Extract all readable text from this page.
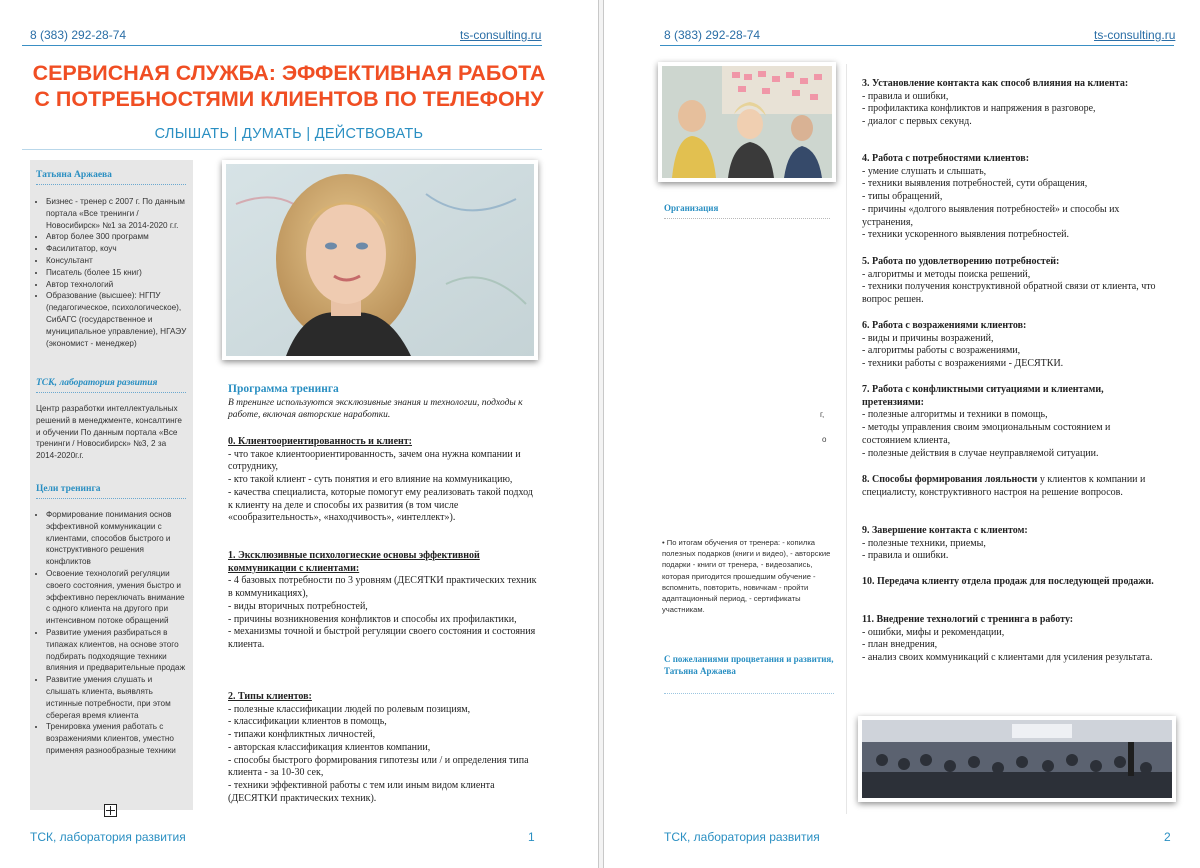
8 (383) 292-28-74	ts-consulting.ru
СЕРВИСНАЯ СЛУЖБА: ЭФФЕКТИВНАЯ РАБОТА С ПОТРЕБНОСТЯМИ КЛИЕНТОВ ПО ТЕЛЕФОНУ
СЛЫШАТЬ | ДУМАТЬ | ДЕЙСТВОВАТЬ
Татьяна Аржаева
• Бизнес - тренер с 2007 г. По данным портала «Все тренинги / Новосибирск» №1 за 2014-2020 г.г.
• Автор более 300 программ
• Фасилитатор, коуч
• Консультант
• Писатель (более 15 книг)
• Автор технологий
• Образование (высшее): НГПУ (педагогическое, психологическое), СибАГС (государственное и муниципальное управление), НГАЭУ (экономист - менеджер)
ТСК, лаборатория развития
Центр разработки интеллектуальных решений в менеджменте, консалтинге и обучении По данным портала «Все тренинги / Новосибирск» №3, 2 за 2014-2020г.г.
Цели тренинга
• Формирование понимания основ эффективной коммуникации с клиентами, способов быстрого и конструктивного решения конфликтов
• Освоение технологий регуляции своего состояния, умения быстро и эффективно переключать внимание с одного клиента на другого при интенсивном потоке обращений
• Развитие умения разбираться в типажах клиентов, на основе этого подбирать подходящие техники влияния и предварительные продаж
• Развитие умения слушать и слышать клиента, выявлять истинные потребности, при этом сберегая время клиента
• Тренировка умения работать с возражениями клиентов, уместно применяя разнообразные техники
Программа тренинга
В тренинге используются эксклюзивные знания и технологии, подходы к работе, включая авторские наработки.
0. Клиентоориентированность и клиент:
- что такое клиентоориентированность, зачем она нужна компании и сотруднику,
- кто такой клиент - суть понятия и его влияние на коммуникацию,
- качества специалиста, которые помогут ему реализовать такой подход к клиенту на деле и способы их развития (в том числе «сообразительность», «находчивость», «интеллект»).
1. Эксклюзивные психологиеские основы эффективной коммуникации с клиентами:
- 4 базовых потребности по 3 уровням (ДЕСЯТКИ практических техник в коммуникациях),
- виды вторичных потребностей,
- причины возникновения конфликтов и способы их профилактики,
- механизмы точной и быстрой регуляции своего состояния и состояния клиента.
2. Типы клиентов:
- полезные классификации людей по ролевым позициям,
- классификации клиентов в помощь,
- типажи конфликтных личностей,
- авторская классификация клиентов компании,
- способы быстрого формирования гипотезы или / и определения типа клиента - за 10-30 сек,
- техники эффективной работы с тем или иным видом клиента (ДЕСЯТКИ практических техник).
ТСК, лаборатория развития	1
8 (383) 292-28-74	ts-consulting.ru
Организация
г,
о
• По итогам обучения от тренера: - копилка полезных подарков (книги и видео), - авторские подарки - книги от тренера, - видеозапись, которая пригодится прошедшим обучение - вспомнить, повторить, новичкам - пройти адаптационный период, - сертификаты участникам.
С пожеланиями процветания и развития, Татьяна Аржаева
3. Установление контакта как способ влияния на клиента:
- правила и ошибки,
- профилактика конфликтов и напряжения в разговоре,
- диалог с первых секунд.
4. Работа с потребностями клиентов:
- умение слушать и слышать,
- техники выявления потребностей, сути обращения,
- типы обращений,
- причины «долгого выявления потребностей» и способы их устранения,
- техники ускоренного выявления потребностей.
5. Работа по удовлетворению потребностей:
- алгоритмы и методы поиска решений,
- техники получения конструктивной обратной связи от клиента, что вопрос решен.
6. Работа с возражениями клиентов:
- виды и причины возражений,
- алгоритмы работы с возражениями,
- техники работы с возражениями - ДЕСЯТКИ.
7. Работа с конфликтными ситуациями и клиентами, претензиями:
- полезные алгоритмы и техники в помощь,
- методы управления своим эмоциональным состоянием и состоянием клиента,
- полезные действия в случае неуправляемой ситуации.
8. Способы формирования лояльности у клиентов к компании и специалисту, конструктивного настроя на решение вопросов.
9. Завершение контакта с клиентом:
- полезные техники, приемы,
- правила и ошибки.
10. Передача клиенту отдела продаж для последующей продажи.
11. Внедрение технологий с тренинга в работу:
- ошибки, мифы и рекомендации,
- план внедрения,
- анализ своих коммуникаций с клиентами для усиления результата.
ТСК, лаборатория развития	2
